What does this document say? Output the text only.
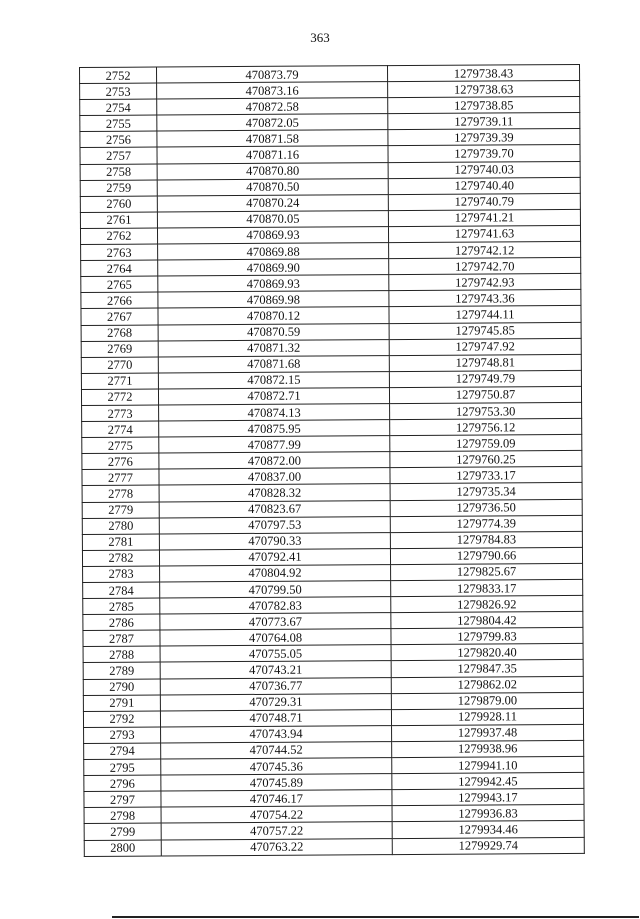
363
2752	470873.79	1279738.43
2753	470873.16	1279738.63
2754	470872.58	1279738.85
2755	470872.05	1279739.11
2756	470871.58	1279739.39
2757	470871.16	1279739.70
2758	470870.80	1279740.03
2759	470870.50	1279740.40
2760	470870.24	1279740.79
2761	470870.05	1279741.21
2762	470869.93	1279741.63
2763	470869.88	1279742.12
2764	470869.90	1279742.70
2765	470869.93	1279742.93
2766	470869.98	1279743.36
2767	470870.12	1279744.11
2768	470870.59	1279745.85
2769	470871.32	1279747.92
2770	470871.68	1279748.81
2771	470872.15	1279749.79
2772	470872.71	1279750.87
2773	470874.13	1279753.30
2774	470875.95	1279756.12
2775	470877.99	1279759.09
2776	470872.00	1279760.25
2777	470837.00	1279733.17
2778	470828.32	1279735.34
2779	470823.67	1279736.50
2780	470797.53	1279774.39
2781	470790.33	1279784.83
2782	470792.41	1279790.66
2783	470804.92	1279825.67
2784	470799.50	1279833.17
2785	470782.83	1279826.92
2786	470773.67	1279804.42
2787	470764.08	1279799.83
2788	470755.05	1279820.40
2789	470743.21	1279847.35
2790	470736.77	1279862.02
2791	470729.31	1279879.00
2792	470748.71	1279928.11
2793	470743.94	1279937.48
2794	470744.52	1279938.96
2795	470745.36	1279941.10
2796	470745.89	1279942.45
2797	470746.17	1279943.17
2798	470754.22	1279936.83
2799	470757.22	1279934.46
2800	470763.22	1279929.74
